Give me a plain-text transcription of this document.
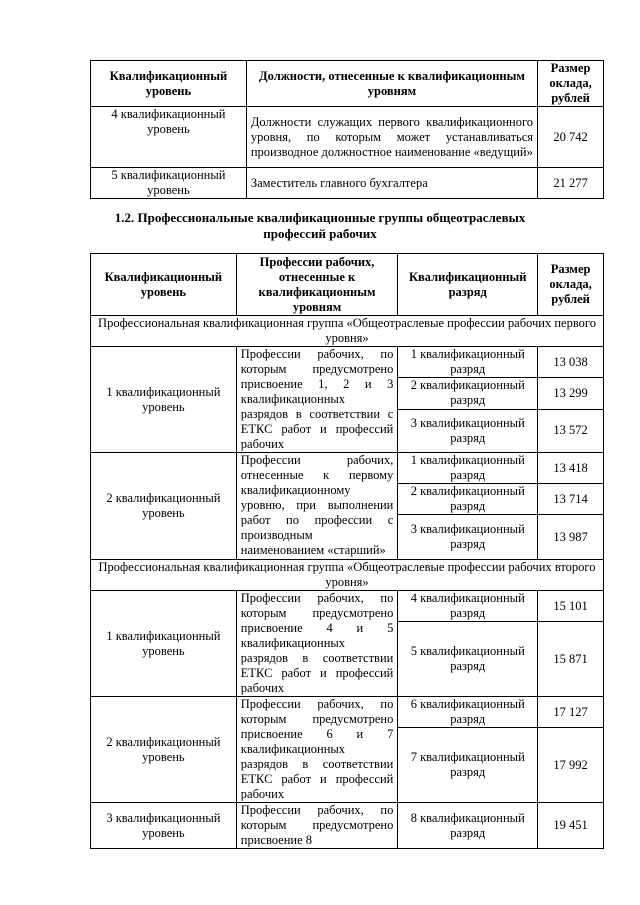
Квалификационный уровень	Должности, отнесенные к квалификационным уровням	Размер оклада, рублей
4 квалификационный уровень	Должности служащих первого квалификационного уровня, по которым может устанавливаться производное должностное наименование «ведущий»	20 742
5 квалификационный уровень	Заместитель главного бухгалтера	21 277
1.2. Профессиональные квалификационные группы общеотраслевых профессий рабочих
Квалификационный уровень	Профессии рабочих, отнесенные к квалификационным уровням	Квалификационный разряд	Размер оклада, рублей
Профессиональная квалификационная группа «Общеотраслевые профессии рабочих первого уровня»			
1 квалификационный уровень	Профессии рабочих, по которым предусмотрено присвоение 1, 2 и 3 квалификационных разрядов в соответствии с ЕТКС работ и профессий рабочих	1 квалификационный разряд	13 038
		2 квалификационный разряд	13 299
		3 квалификационный разряд	13 572
2 квалификационный уровень	Профессии рабочих, отнесенные к первому квалификационному уровню, при выполнении работ по профессии с производным наименованием «старший»	1 квалификационный разряд	13 418
		2 квалификационный разряд	13 714
		3 квалификационный разряд	13 987
Профессиональная квалификационная группа «Общеотраслевые профессии рабочих второго уровня»			
1 квалификационный уровень	Профессии рабочих, по которым предусмотрено присвоение 4 и 5 квалификационных разрядов в соответствии ЕТКС работ и профессий рабочих	4 квалификационный разряд	15 101
		5 квалификационный разряд	15 871
2 квалификационный уровень	Профессии рабочих, по которым предусмотрено присвоение 6 и 7 квалификационных разрядов в соответствии ЕТКС работ и профессий рабочих	6 квалификационный разряд	17 127
		7 квалификационный разряд	17 992
3 квалификационный уровень	Профессии рабочих, по которым предусмотрено присвоение 8	8 квалификационный разряд	19 451
